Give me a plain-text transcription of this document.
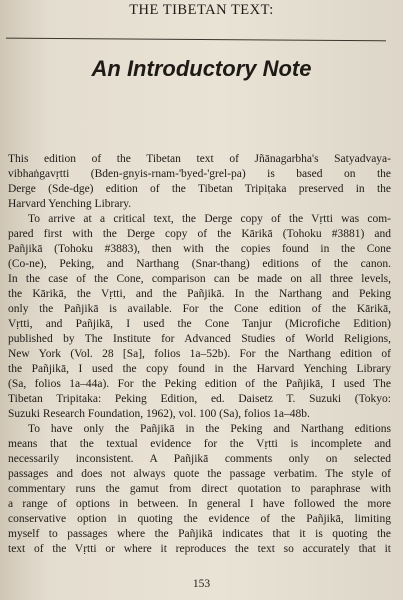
THE TIBETAN TEXT:
An Introductory Note
This edition of the Tibetan text of Jñānagarbha's Satyadvaya-
vibhaṅgavṛtti (Bden-gnyis-rnam-'byed-'grel-pa) is based on the
Derge (Sde-dge) edition of the Tibetan Tripiṭaka preserved in the
Harvard Yenching Library.
To arrive at a critical text, the Derge copy of the Vṛtti was com-
pared first with the Derge copy of the Kārikā (Tohoku #3881) and
Pañjikā (Tohoku #3883), then with the copies found in the Cone
(Co-ne), Peking, and Narthang (Snar-thang) editions of the canon.
In the case of the Cone, comparison can be made on all three levels,
the Kārikā, the Vṛtti, and the Pañjikā. In the Narthang and Peking
only the Pañjikā is available. For the Cone edition of the Kārikā,
Vṛtti, and Pañjikā, I used the Cone Tanjur (Microfiche Edition)
published by The Institute for Advanced Studies of World Religions,
New York (Vol. 28 [Sa], folios 1a–52b). For the Narthang edition of
the Pañjikā, I used the copy found in the Harvard Yenching Library
(Sa, folios 1a–44a). For the Peking edition of the Pañjikā, I used The
Tibetan Tripitaka: Peking Edition, ed. Daisetz T. Suzuki (Tokyo:
Suzuki Research Foundation, 1962), vol. 100 (Sa), folios 1a–48b.
To have only the Pañjikā in the Peking and Narthang editions
means that the textual evidence for the Vṛtti is incomplete and
necessarily inconsistent. A Pañjikā comments only on selected
passages and does not always quote the passage verbatim. The style of
commentary runs the gamut from direct quotation to paraphrase with
a range of options in between. In general I have followed the more
conservative option in quoting the evidence of the Pañjikā, limiting
myself to passages where the Pañjikā indicates that it is quoting the
text of the Vṛtti or where it reproduces the text so accurately that it
153
